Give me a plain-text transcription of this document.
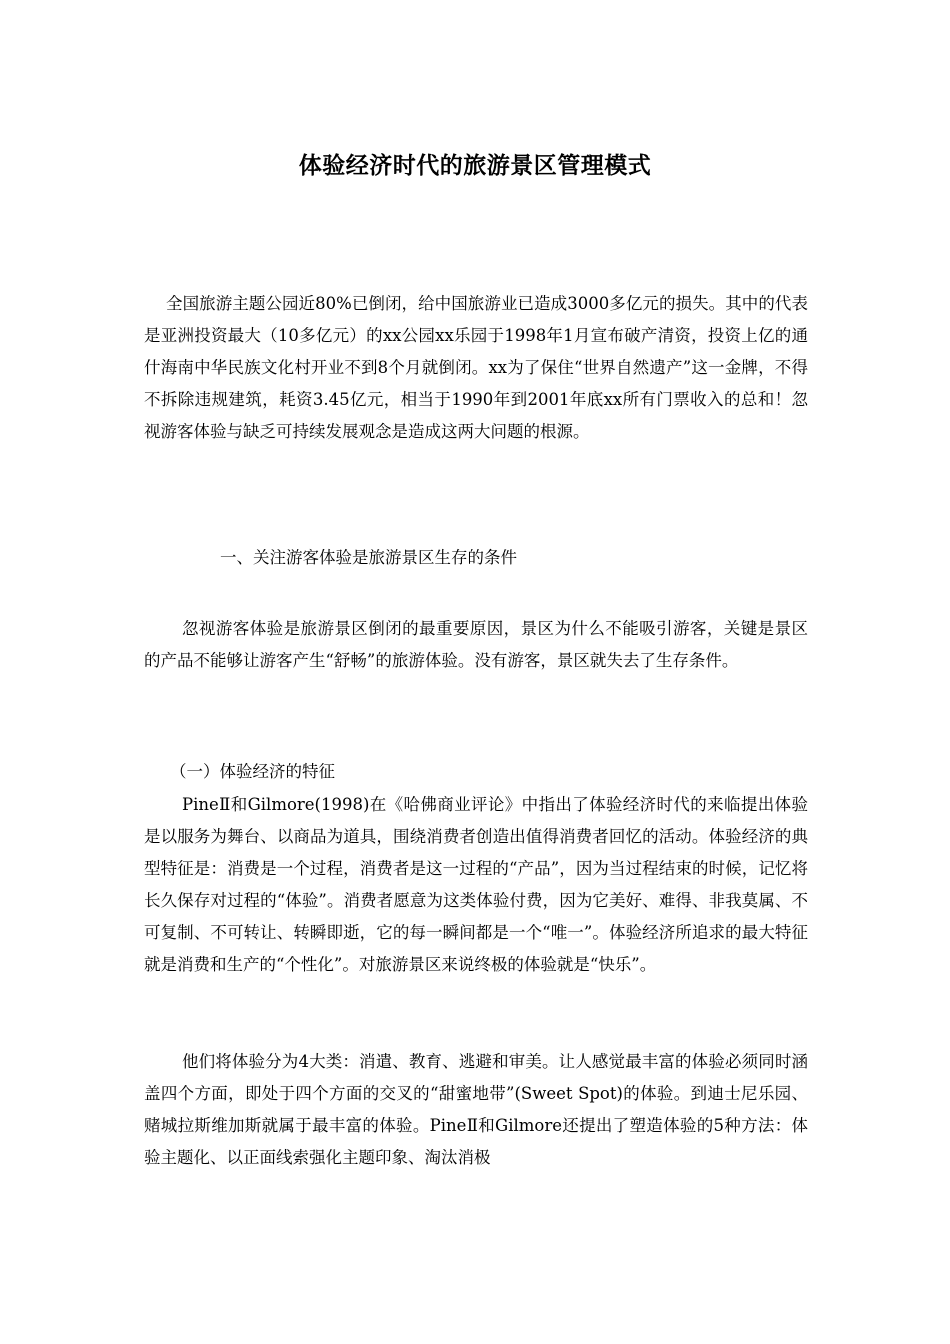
体验经济时代的旅游景区管理模式

全国旅游主题公园近80%已倒闭，给中国旅游业已造成3000多亿元的损失。其中的代表是亚洲投资最大（10多亿元）的xx公园xx乐园于1998年1月宣布破产清资，投资上亿的通什海南中华民族文化村开业不到8个月就倒闭。xx为了保住“世界自然遗产”这一金牌，不得不拆除违规建筑，耗资3.45亿元，相当于1990年到2001年底xx所有门票收入的总和！忽视游客体验与缺乏可持续发展观念是造成这两大问题的根源。

一、关注游客体验是旅游景区生存的条件

忽视游客体验是旅游景区倒闭的最重要原因，景区为什么不能吸引游客，关键是景区的产品不能够让游客产生“舒畅”的旅游体验。没有游客，景区就失去了生存条件。

（一）体验经济的特征

PineⅡ和Gilmore(1998)在《哈佛商业评论》中指出了体验经济时代的来临提出体验是以服务为舞台、以商品为道具，围绕消费者创造出值得消费者回忆的活动。体验经济的典型特征是：消费是一个过程，消费者是这一过程的“产品”，因为当过程结束的时候，记忆将长久保存对过程的“体验”。消费者愿意为这类体验付费，因为它美好、难得、非我莫属、不可复制、不可转让、转瞬即逝，它的每一瞬间都是一个“唯一”。体验经济所追求的最大特征就是消费和生产的“个性化”。对旅游景区来说终极的体验就是“快乐”。

他们将体验分为4大类：消遣、教育、逃避和审美。让人感觉最丰富的体验必须同时涵盖四个方面，即处于四个方面的交叉的“甜蜜地带”(Sweet Spot)的体验。到迪士尼乐园、赌城拉斯维加斯就属于最丰富的体验。PineⅡ和Gilmore还提出了塑造体验的5种方法：体验主题化、以正面线索强化主题印象、淘汰消极
